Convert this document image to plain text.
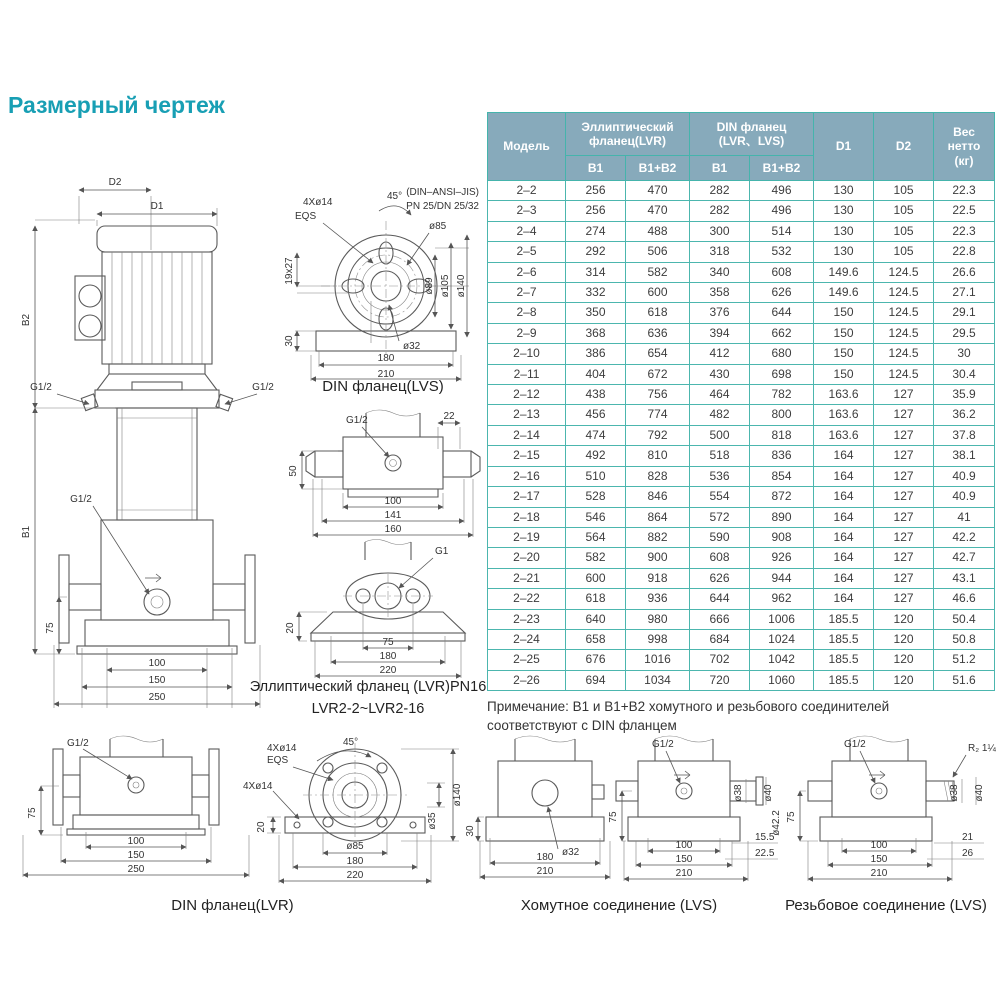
Размерный чертеж
Модель	Эллиптический фланец(LVR)	
DIN фланец
(LVR、LVS)	D1	D2	
Вес
нетто
(кг)

	B1	B1+B2	B1	B1+B2			
2–2	256	470	282	496	130	105	22.3
2–3	256	470	282	496	130	105	22.5
2–4	274	488	300	514	130	105	22.3
2–5	292	506	318	532	130	105	22.8
2–6	314	582	340	608	149.6	124.5	26.6
2–7	332	600	358	626	149.6	124.5	27.1
2–8	350	618	376	644	150	124.5	29.1
2–9	368	636	394	662	150	124.5	29.5
2–10	386	654	412	680	150	124.5	30
2–11	404	672	430	698	150	124.5	30.4
2–12	438	756	464	782	163.6	127	35.9
2–13	456	774	482	800	163.6	127	36.2
2–14	474	792	500	818	163.6	127	37.8
2–15	492	810	518	836	164	127	38.1
2–16	510	828	536	854	164	127	40.9
2–17	528	846	554	872	164	127	40.9
2–18	546	864	572	890	164	127	41
2–19	564	882	590	908	164	127	42.2
2–20	582	900	608	926	164	127	42.7
2–21	600	918	626	944	164	127	43.1
2–22	618	936	644	962	164	127	46.6
2–23	640	980	666	1006	185.5	120	50.4
2–24	658	998	684	1024	185.5	120	50.8
2–25	676	1016	702	1042	185.5	120	51.2
2–26	694	1034	720	1060	185.5	120	51.6
Примечание: B1 и B1+B2 хомутного и резьбового соединителей
соответствуют с DIN фланцем
D2
D1
B2
B1
75
G1/2	G1/2
G1/2
100
150
250
(DIN–ANSI–JIS)
PN 25/DN 25/32
4Xø14
EQS
45°
ø85
ø89 ø105 ø140
19x27
30	ø32
180
210
DIN фланец(LVS)
G1/2	22
50
100
141
160
G1
20
75
180
220
Эллиптический фланец (LVR)PN16
LVR2-2~LVR2-16
G1/2
75
100
150
250
45°
4Xø14
EQS
4Xø14	ø140
ø35
20
ø85
180
220
DIN фланец(LVR)
30
ø32
180
210
G1/2
75
ø38 ø40
ø42.2
15.5
22.5
100
150
210
Хомутное соединение (LVS)
G1/2	R₂ 1¼
75
ø38 ø40
21
26
100
150
210
Резьбовое соединение (LVS)
